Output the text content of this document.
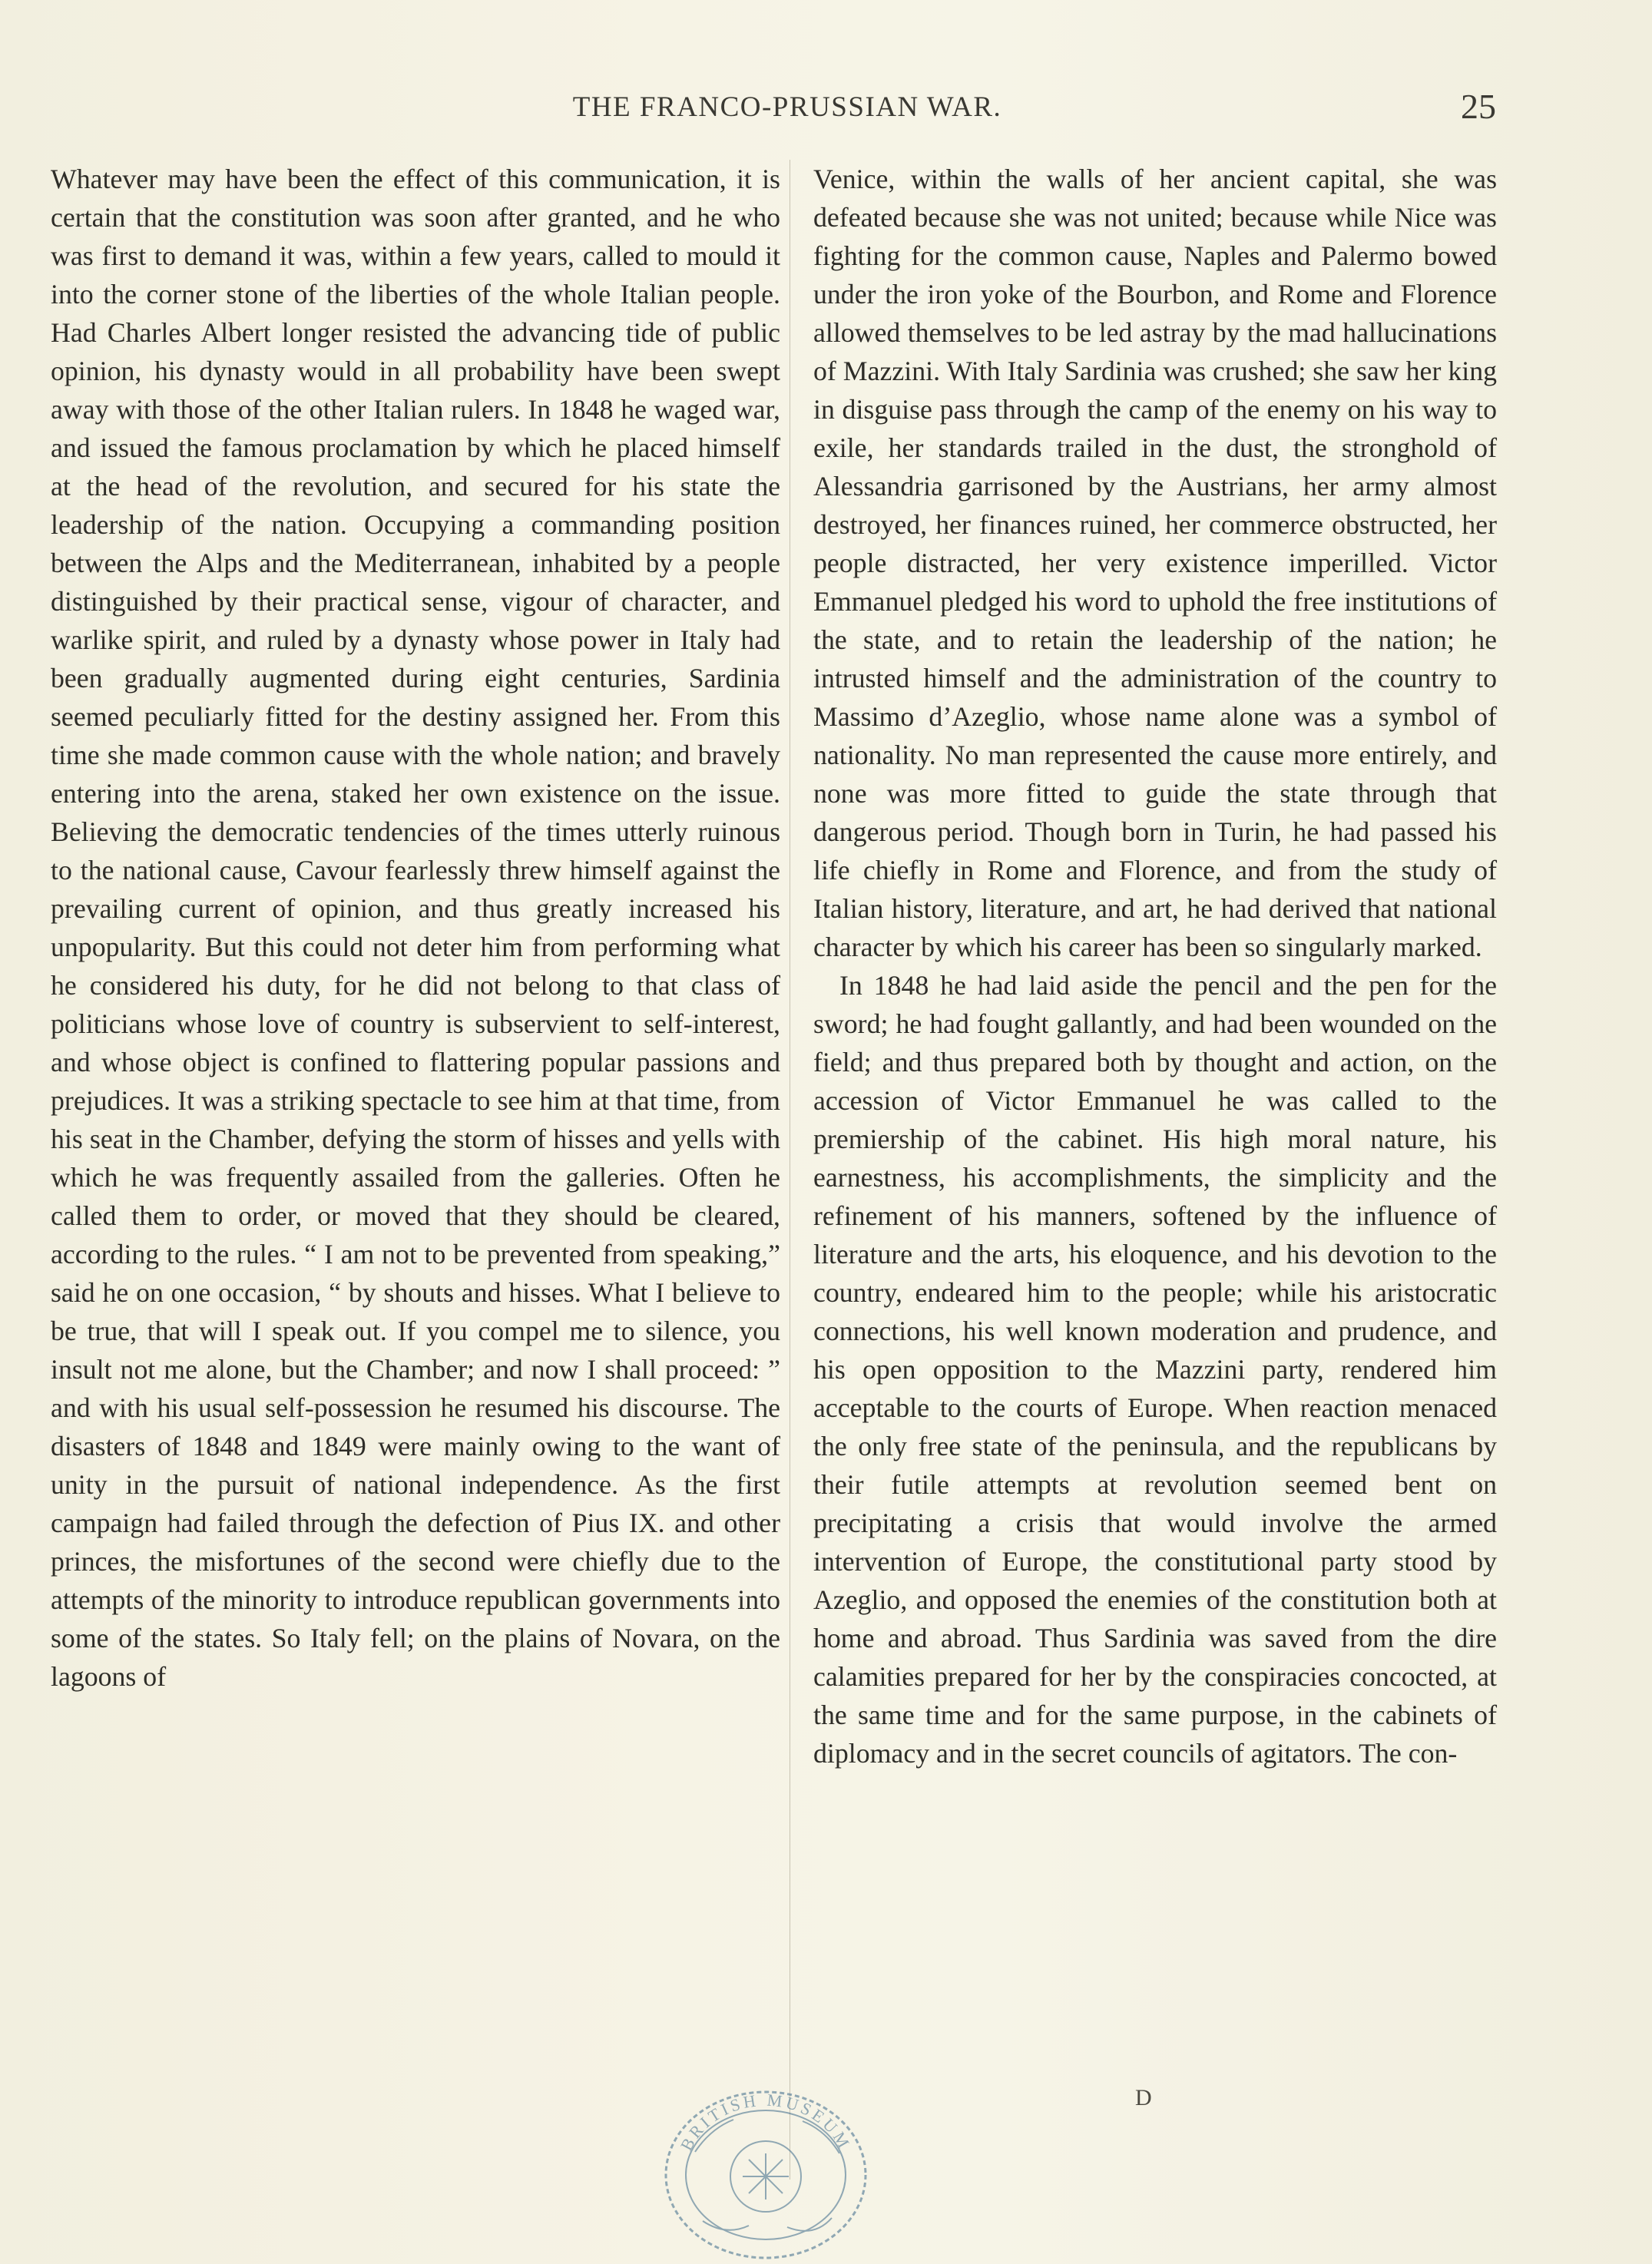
THE FRANCO-PRUSSIAN WAR.	25

Whatever may have been the effect of this communication, it is certain that the constitution was soon after granted, and he who was first to demand it was, within a few years, called to mould it into the corner stone of the liberties of the whole Italian people. Had Charles Albert longer resisted the advancing tide of public opinion, his dynasty would in all probability have been swept away with those of the other Italian rulers. In 1848 he waged war, and issued the famous proclamation by which he placed himself at the head of the revolution, and secured for his state the leadership of the nation. Occupying a commanding position between the Alps and the Mediterranean, inhabited by a people distinguished by their practical sense, vigour of character, and warlike spirit, and ruled by a dynasty whose power in Italy had been gradually augmented during eight centuries, Sardinia seemed peculiarly fitted for the destiny assigned her. From this time she made common cause with the whole nation; and bravely entering into the arena, staked her own existence on the issue. Believing the democratic tendencies of the times utterly ruinous to the national cause, Cavour fearlessly threw himself against the prevailing current of opinion, and thus greatly increased his unpopularity. But this could not deter him from performing what he considered his duty, for he did not belong to that class of politicians whose love of country is subservient to self-interest, and whose object is confined to flattering popular passions and prejudices. It was a striking spectacle to see him at that time, from his seat in the Chamber, defying the storm of hisses and yells with which he was frequently assailed from the galleries. Often he called them to order, or moved that they should be cleared, according to the rules. “ I am not to be prevented from speaking,” said he on one occasion, “ by shouts and hisses. What I believe to be true, that will I speak out. If you compel me to silence, you insult not me alone, but the Chamber; and now I shall proceed: ” and with his usual self-possession he resumed his discourse. The disasters of 1848 and 1849 were mainly owing to the want of unity in the pursuit of national independence. As the first campaign had failed through the defection of Pius IX. and other princes, the misfortunes of the second were chiefly due to the attempts of the minority to introduce republican governments into some of the states. So Italy fell; on the plains of Novara, on the lagoons of

Venice, within the walls of her ancient capital, she was defeated because she was not united; because while Nice was fighting for the common cause, Naples and Palermo bowed under the iron yoke of the Bourbon, and Rome and Florence allowed themselves to be led astray by the mad hallucinations of Mazzini. With Italy Sardinia was crushed; she saw her king in disguise pass through the camp of the enemy on his way to exile, her standards trailed in the dust, the stronghold of Alessandria garrisoned by the Austrians, her army almost destroyed, her finances ruined, her commerce obstructed, her people distracted, her very existence imperilled. Victor Emmanuel pledged his word to uphold the free institutions of the state, and to retain the leadership of the nation; he intrusted himself and the administration of the country to Massimo d’Azeglio, whose name alone was a symbol of nationality. No man represented the cause more entirely, and none was more fitted to guide the state through that dangerous period. Though born in Turin, he had passed his life chiefly in Rome and Florence, and from the study of Italian history, literature, and art, he had derived that national character by which his career has been so singularly marked.

In 1848 he had laid aside the pencil and the pen for the sword; he had fought gallantly, and had been wounded on the field; and thus prepared both by thought and action, on the accession of Victor Emmanuel he was called to the premiership of the cabinet. His high moral nature, his earnestness, his accomplishments, the simplicity and the refinement of his manners, softened by the influence of literature and the arts, his eloquence, and his devotion to the country, endeared him to the people; while his aristocratic connections, his well known moderation and prudence, and his open opposition to the Mazzini party, rendered him acceptable to the courts of Europe. When reaction menaced the only free state of the peninsula, and the republicans by their futile attempts at revolution seemed bent on precipitating a crisis that would involve the armed intervention of Europe, the constitutional party stood by Azeglio, and opposed the enemies of the constitution both at home and abroad. Thus Sardinia was saved from the dire calamities prepared for her by the conspiracies concocted, at the same time and for the same purpose, in the cabinets of diplomacy and in the secret councils of agitators. The con-

D
BRITISH MUSEUM
